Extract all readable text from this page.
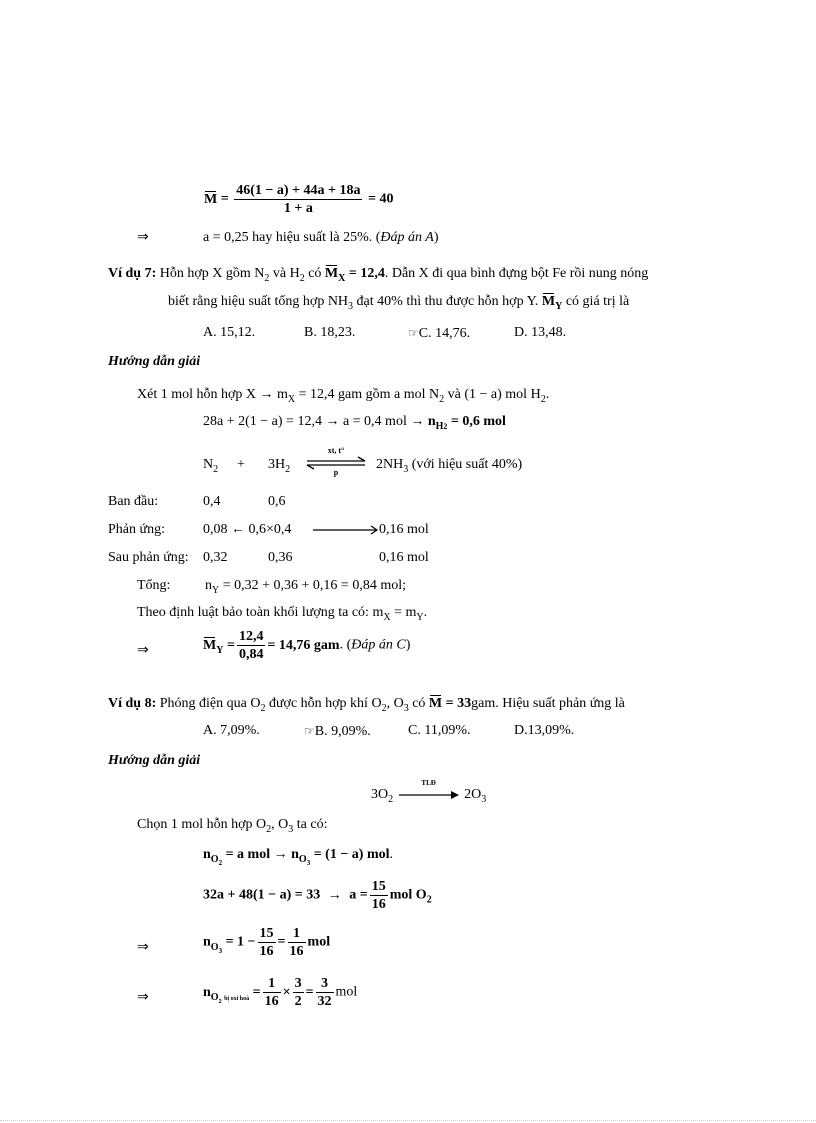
$M = \frac{46(1 - a) + 44a + 18a}{1 + a} = 40$
⇒	a = 0,25 hay hiệu suất là 25%. (Đáp án A)
Ví dụ 7: Hỗn hợp X gồm $N_2$ và $H_2$ có $M_X = 12,4$. Dẫn X đi qua bình đựng bột Fe rồi nung nóng
biết rằng hiệu suất tổng hợp $NH_3$ đạt 40% thì thu được hỗn hợp Y. $M_Y$ có giá trị là
A. 15,12.	B. 18,23.	☞C. 14,76.	D. 13,48.
Hướng dẫn giải
Xét 1 mol hỗn hợp $X \to m_X = 12,4$ gam gồm a mol $N_2$ và (1 − a) mol $H_2$.
28a + 2(1 − a) = 12,4 → a = 0,4 mol → $n_{H2} = 0,6$ mol
$N_2 + 3H_2$
xt, t°
p
$2NH_3$ (với hiệu suất 40%)
Ban đầu:	0,4	0,6
Phản ứng:	0,08 ← 0,6×0,4	0,16 mol
Sau phản ứng: 0,32	0,36	0,16 mol
Tổng: $n_Y = 0,32 + 0,36 + 0,16 = 0,84$ mol;
Theo định luật bảo toàn khối lượng ta có: $m_X = m_Y$.
⇒	$M_Y = \frac{12,4}{0,84} = 14,76$ gam. (Đáp án C)
Ví dụ 8: Phóng điện qua $O_2$ được hỗn hợp khí $O_2$, $O_3$ có M = 33gam. Hiệu suất phản ứng là
A. 7,09%.	☞B. 9,09%.	C. 11,09%.	D.13,09%.
Hướng dẫn giải
$3O_2$
TLĐ
$2O_3$
Chọn 1 mol hỗn hợp $O_2$, $O_3$ ta có:
$n_{O_2} = a$ mol → $n_{O_3} = (1 - a)$ mol.
$32a + 48(1 - a) = 33 \to a = \frac{15}{16}$ mol $O_2$
⇒	$n_{O_3} = 1 - \frac{15}{16} = \frac{1}{16}$ mol
⇒	$n_{O_2 bị oxi hoá} = \frac{1}{16} \times \frac{3}{2} = \frac{3}{32}$ mol
